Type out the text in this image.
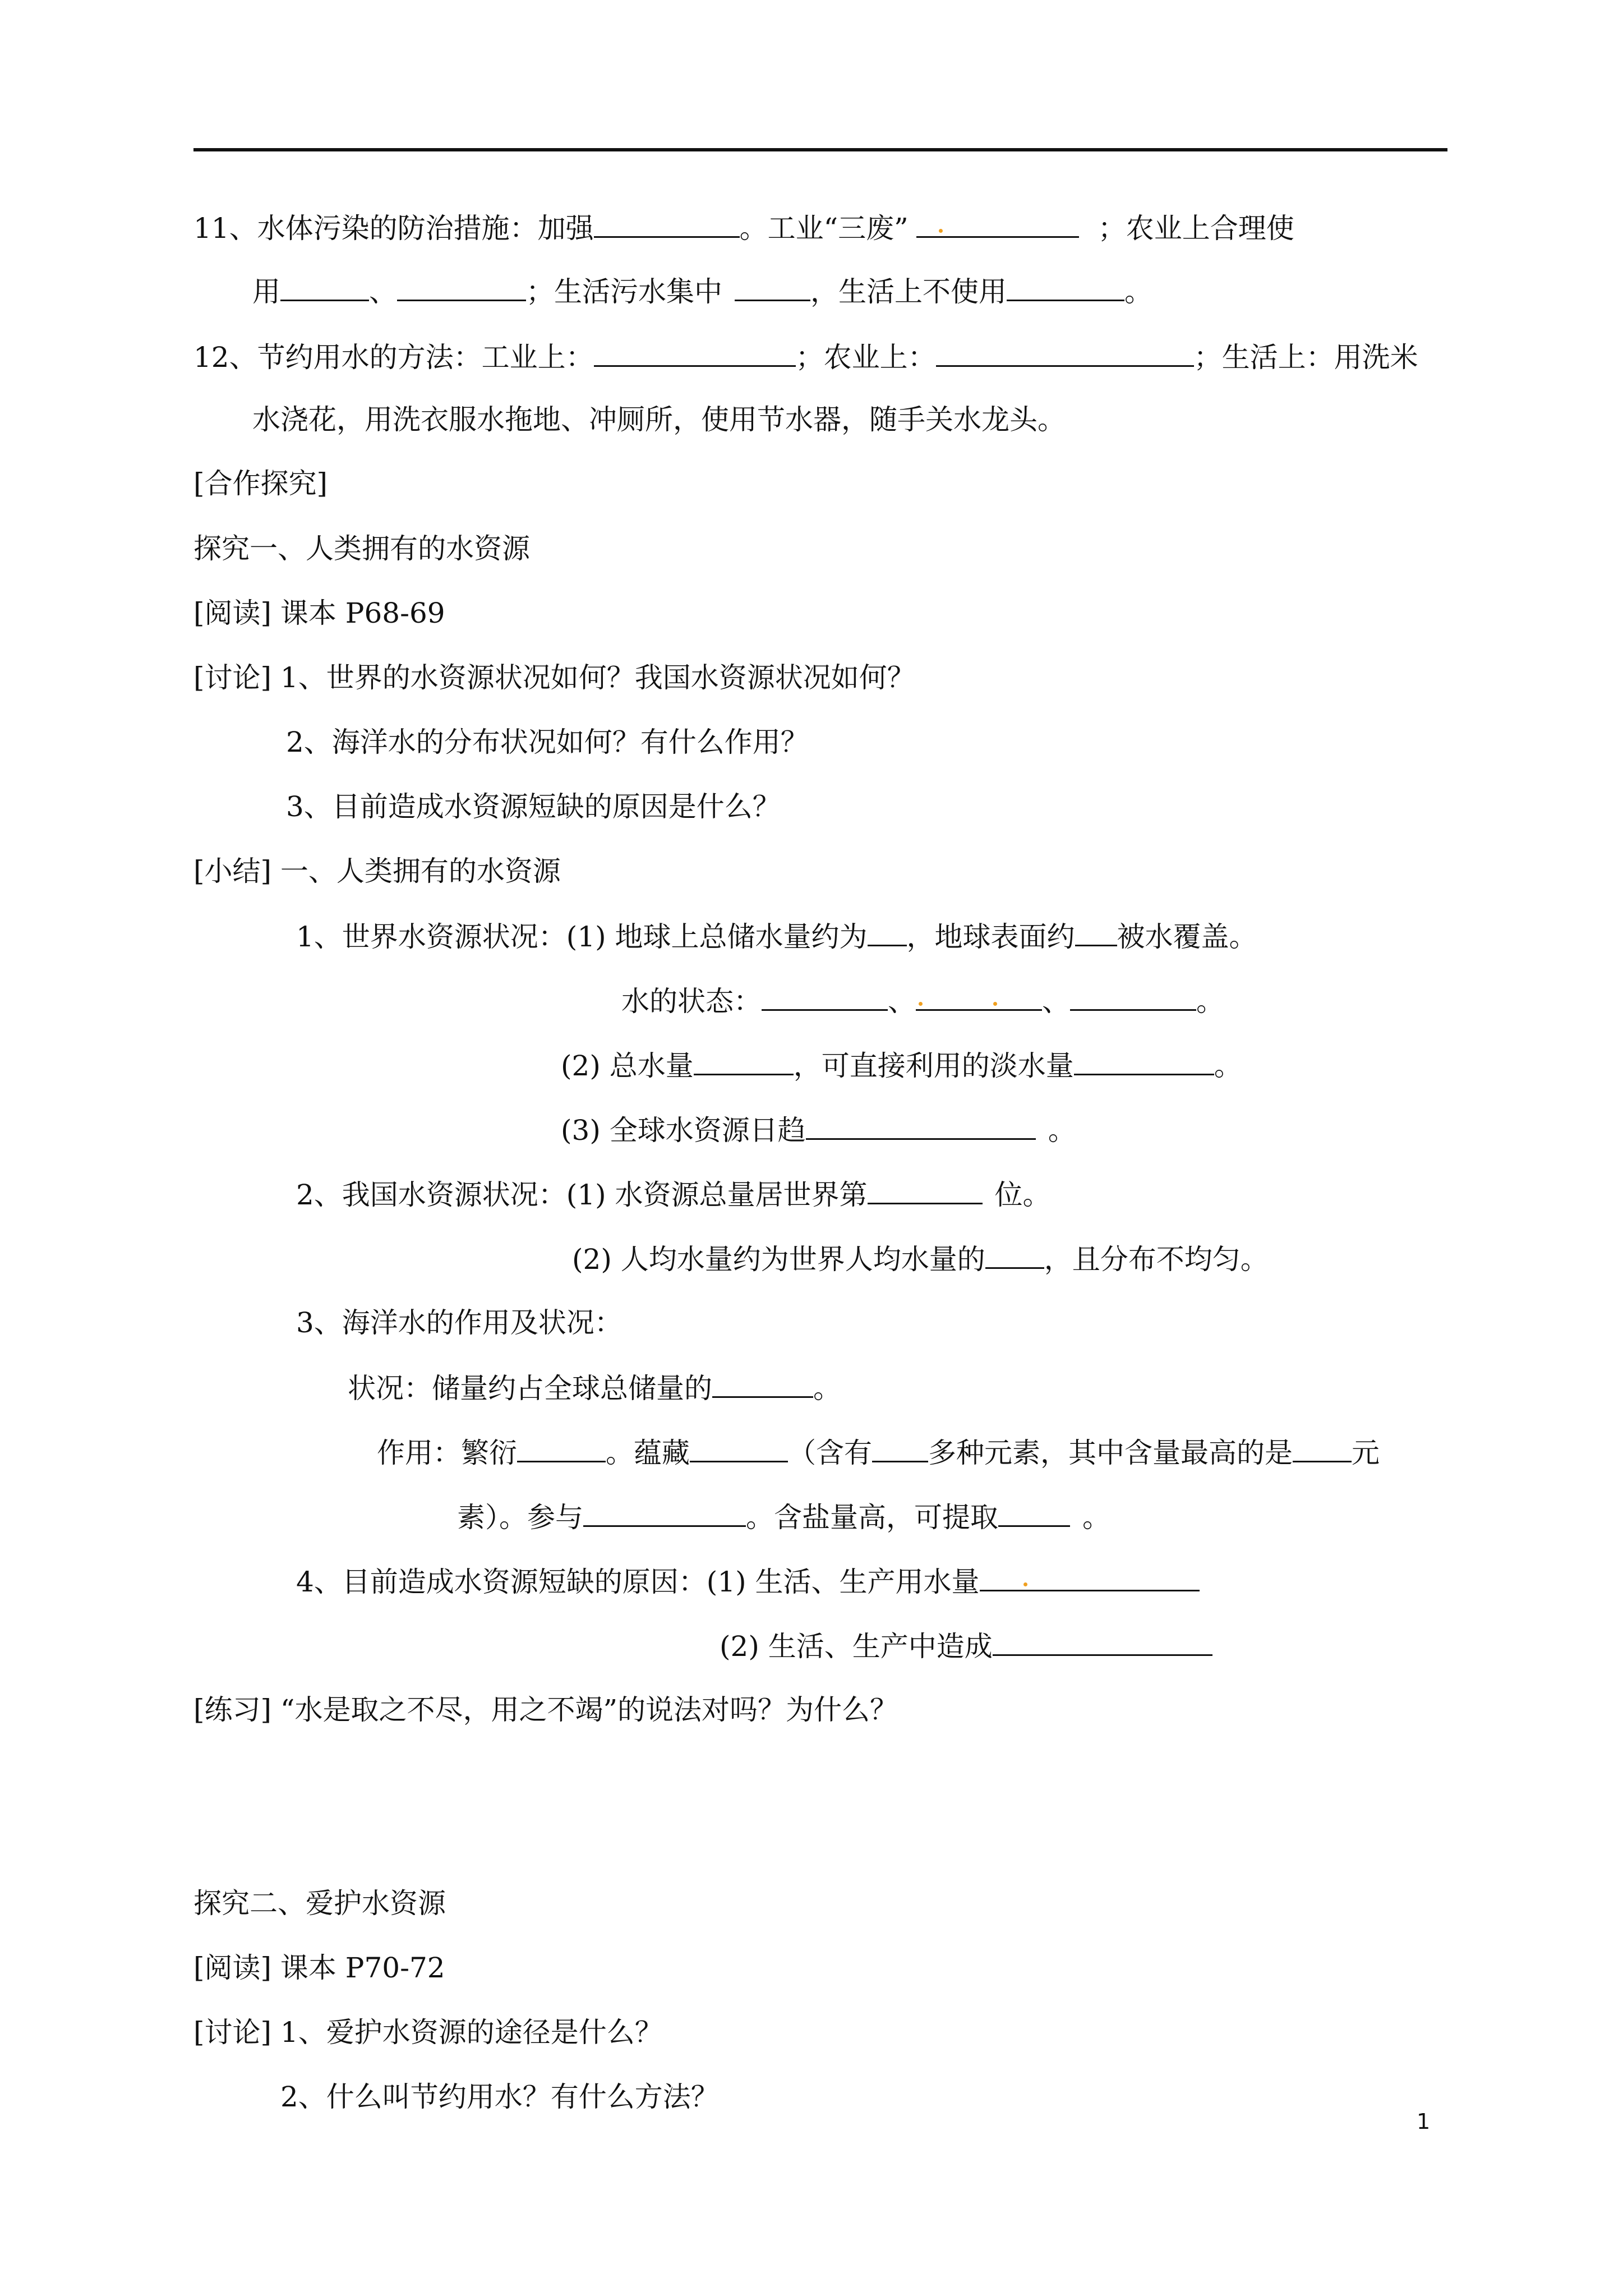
11、水体污染的防治措施：加强	。工业“三废”	；农业上合理使
用	、	；生活污水集中	，生活上不使用	。
12、节约用水的方法：工业上：	；农业上：	；生活上：用洗米
水浇花，用洗衣服水拖地、冲厕所，使用节水器，随手关水龙头。
[合作探究]
探究一、人类拥有的水资源
[阅读] 课本 P68-69
[讨论] 1、世界的水资源状况如何？我国水资源状况如何？
2、海洋水的分布状况如何？有什么作用？
3、目前造成水资源短缺的原因是什么？
[小结] 一、人类拥有的水资源
1、世界水资源状况：(1) 地球上总储水量约为 ，地球表面约 被水覆盖。
水的状态：	、	、	。
(2) 总水量	，可直接利用的淡水量	。
(3) 全球水资源日趋	。
2、我国水资源状况：(1) 水资源总量居世界第	位。
(2) 人均水量约为世界人均水量的 ，且分布不均匀。
3、海洋水的作用及状况：
状况：储量约占全球总储量的	。
作用：繁衍	。蕴藏	（含有 多种元素，其中含量最高的是 元
素）。参与	。含盐量高，可提取	。
4、目前造成水资源短缺的原因：(1) 生活、生产用水量
(2) 生活、生产中造成
[练习] “水是取之不尽，用之不竭”的说法对吗？为什么？
探究二、爱护水资源
[阅读] 课本 P70-72
[讨论] 1、爱护水资源的途径是什么？
2、什么叫节约用水？有什么方法？
1
